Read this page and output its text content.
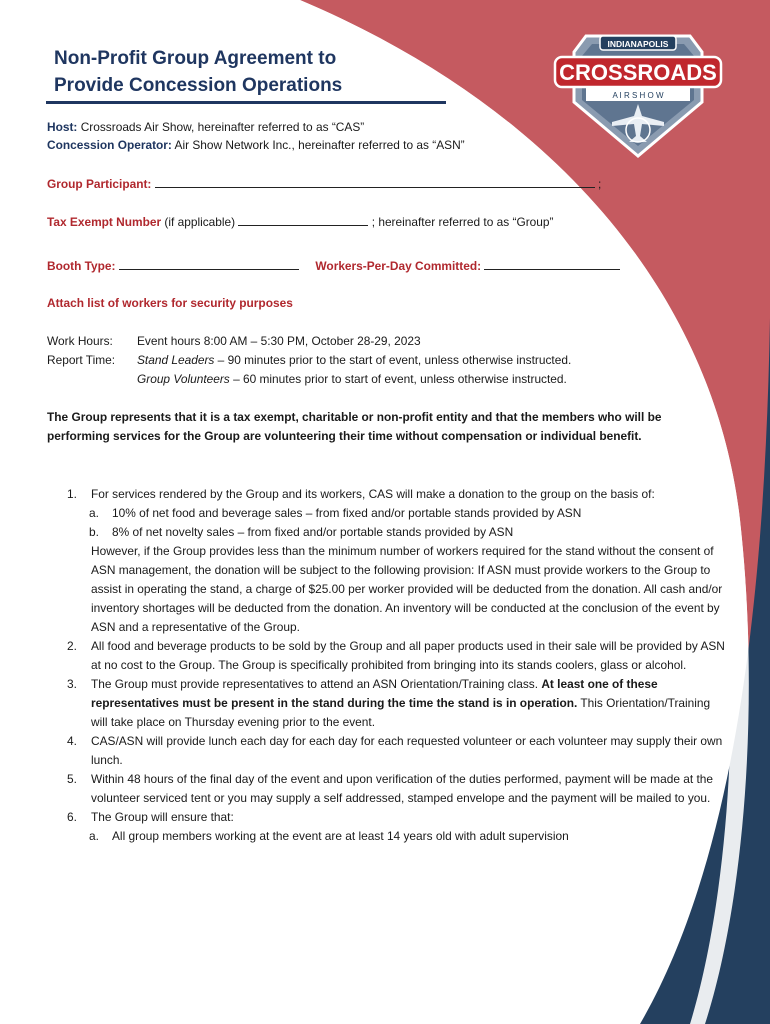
INDIANAPOLIS
CROSSROADS
A I R S H O W
Non-Profit Group Agreement to
Provide Concession Operations
Host: Crossroads Air Show, hereinafter referred to as “CAS”
Concession Operator: Air Show Network Inc., hereinafter referred to as “ASN”
Group Participant:	;
Tax Exempt Number (if applicable)	; hereinafter referred to as “Group”
Booth Type:	Workers-Per-Day Committed:
Attach list of workers for security purposes
Work Hours: Event hours 8:00 AM – 5:30 PM, October 28-29, 2023
Report Time: Stand Leaders – 90 minutes prior to the start of event, unless otherwise instructed.
Group Volunteers – 60 minutes prior to start of event, unless otherwise instructed.
The Group represents that it is a tax exempt, charitable or non-profit entity and that the members who will be performing services for the Group are volunteering their time without compensation or individual benefit.
1. For services rendered by the Group and its workers, CAS will make a donation to the group on the basis of:
a. 10% of net food and beverage sales – from fixed and/or portable stands provided by ASN
b. 8% of net novelty sales – from fixed and/or portable stands provided by ASN
However, if the Group provides less than the minimum number of workers required for the stand without the consent of ASN management, the donation will be subject to the following provision: If ASN must provide workers to the Group to assist in operating the stand, a charge of $25.00 per worker provided will be deducted from the donation. All cash and/or inventory shortages will be deducted from the donation. An inventory will be conducted at the conclusion of the event by ASN and a representative of the Group.
2. All food and beverage products to be sold by the Group and all paper products used in their sale will be provided by ASN at no cost to the Group. The Group is specifically prohibited from bringing into its stands coolers, glass or alcohol.
3. The Group must provide representatives to attend an ASN Orientation/Training class. At least one of these representatives must be present in the stand during the time the stand is in operation. This Orientation/Training will take place on Thursday evening prior to the event.
4. CAS/ASN will provide lunch each day for each day for each requested volunteer or each volunteer may supply their own lunch.
5. Within 48 hours of the final day of the event and upon verification of the duties performed, payment will be made at the volunteer serviced tent or you may supply a self addressed, stamped envelope and the payment will be mailed to you.
6. The Group will ensure that:
a. All group members working at the event are at least 14 years old with adult supervision
